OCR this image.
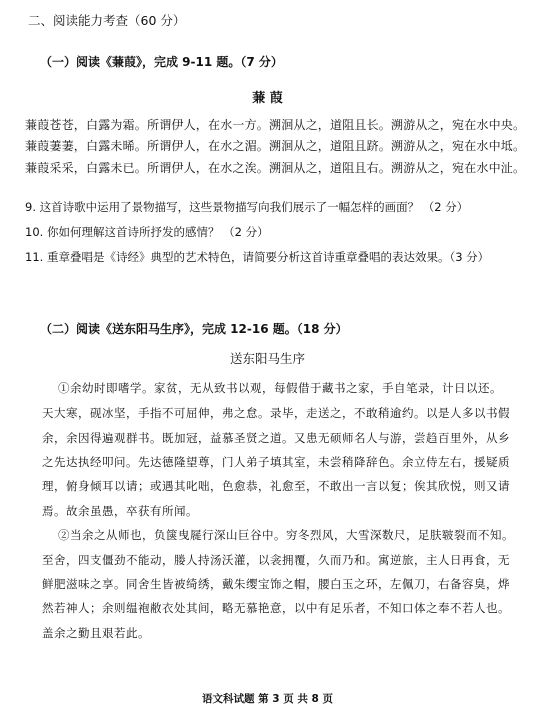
二、阅读能力考查（60 分）
（一）阅读《蒹葭》，完成 9-11 题。（7 分）
蒹 葭
蒹葭苍苍，白露为霜。所谓伊人，在水一方。溯洄从之，道阻且长。溯游从之，宛在水中央。
蒹葭萋萋，白露未晞。所谓伊人，在水之湄。溯洄从之，道阻且跻。溯游从之，宛在水中坻。
蒹葭采采，白露未已。所谓伊人，在水之涘。溯洄从之，道阻且右。溯游从之，宛在水中沚。
9. 这首诗歌中运用了景物描写，这些景物描写向我们展示了一幅怎样的画面？ （2 分）
10. 你如何理解这首诗所抒发的感情？ （2 分）
11. 重章叠唱是《诗经》典型的艺术特色，请简要分析这首诗重章叠唱的表达效果。（3 分）
（二）阅读《送东阳马生序》，完成 12-16 题。（18 分）
送东阳马生序
①余幼时即嗜学。家贫，无从致书以观，每假借于藏书之家，手自笔录，计日以还。
天大寒，砚冰坚，手指不可屈伸，弗之怠。录毕，走送之，不敢稍逾约。以是人多以书假
余，余因得遍观群书。既加冠，益慕圣贤之道。又患无硕师名人与游，尝趋百里外，从乡
之先达执经叩问。先达德隆望尊，门人弟子填其室，未尝稍降辞色。余立侍左右，援疑质
理，俯身倾耳以请；或遇其叱咄，色愈恭，礼愈至，不敢出一言以复；俟其欣悦，则又请
焉。故余虽愚，卒获有所闻。
②当余之从师也，负箧曳屣行深山巨谷中。穷冬烈风，大雪深数尺，足肤皲裂而不知。
至舍，四支僵劲不能动，媵人持汤沃灌，以衾拥覆，久而乃和。寓逆旅，主人日再食，无
鲜肥滋味之享。同舍生皆被绮绣，戴朱缨宝饰之帽，腰白玉之环，左佩刀，右备容臭，烨
然若神人；余则缊袍敝衣处其间，略无慕艳意，以中有足乐者，不知口体之奉不若人也。
盖余之勤且艰若此。
语文科试题 第 3 页 共 8 页
